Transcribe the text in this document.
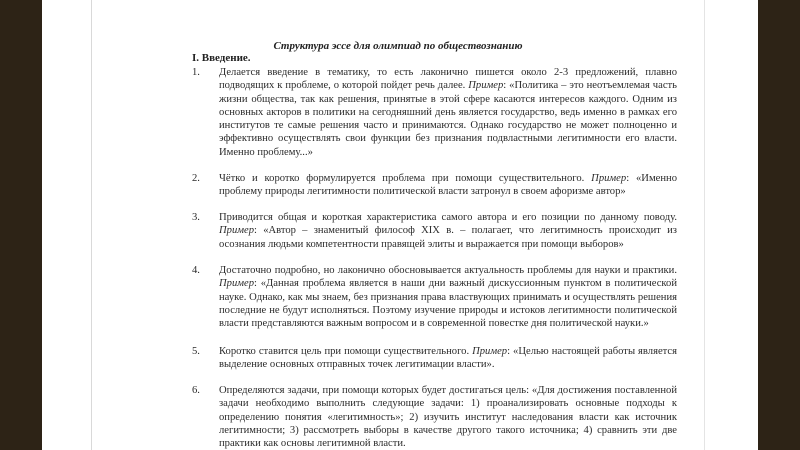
Структура эссе для олимпиад по обществознанию
I. Введение.
1.	Делается введение в тематику, то есть лаконично пишется около 2-3 предложений, плавно подводящих к проблеме, о которой пойдет речь далее. Пример: «Политика – это неотъемлемая часть жизни общества, так как решения, принятые в этой сфере касаются интересов каждого. Одним из основных акторов в политики на сегодняшний день является государство, ведь именно в рамках его институтов те самые решения часто и принимаются. Однако государство не может полноценно и эффективно осуществлять свои функции без признания подвластными легитимности его власти. Именно проблему...»
2.	Чётко и коротко формулируется проблема при помощи существительного. Пример: «Именно проблему природы легитимности политической власти затронул в своем афоризме автор»
3.	Приводится общая и короткая характеристика самого автора и его позиции по данному поводу. Пример: «Автор – знаменитый философ XIX в. – полагает, что легитимность происходит из осознания людьми компетентности правящей элиты и выражается при помощи выборов»
4.	Достаточно подробно, но лаконично обосновывается актуальность проблемы для науки и практики. Пример: «Данная проблема является в наши дни важный дискуссионным пунктом в политической науке. Однако, как мы знаем, без признания права властвующих принимать и осуществлять решения последние не будут исполняться. Поэтому изучение природы и истоков легитимности политической власти представляются важным вопросом и в современной повестке дня политической науки.»
5.	Коротко ставится цель при помощи существительного. Пример: «Целью настоящей работы является выделение основных отправных точек легитимации власти».
6.	Определяются задачи, при помощи которых будет достигаться цель: «Для достижения поставленной задачи необходимо выполнить следующие задачи: 1) проанализировать основные подходы к определению понятия «легитимность»; 2) изучить институт наследования власти как источник легитимности; 3) рассмотреть выборы в качестве другого такого источника; 4) сравнить эти две практики как основы легитимной власти.
